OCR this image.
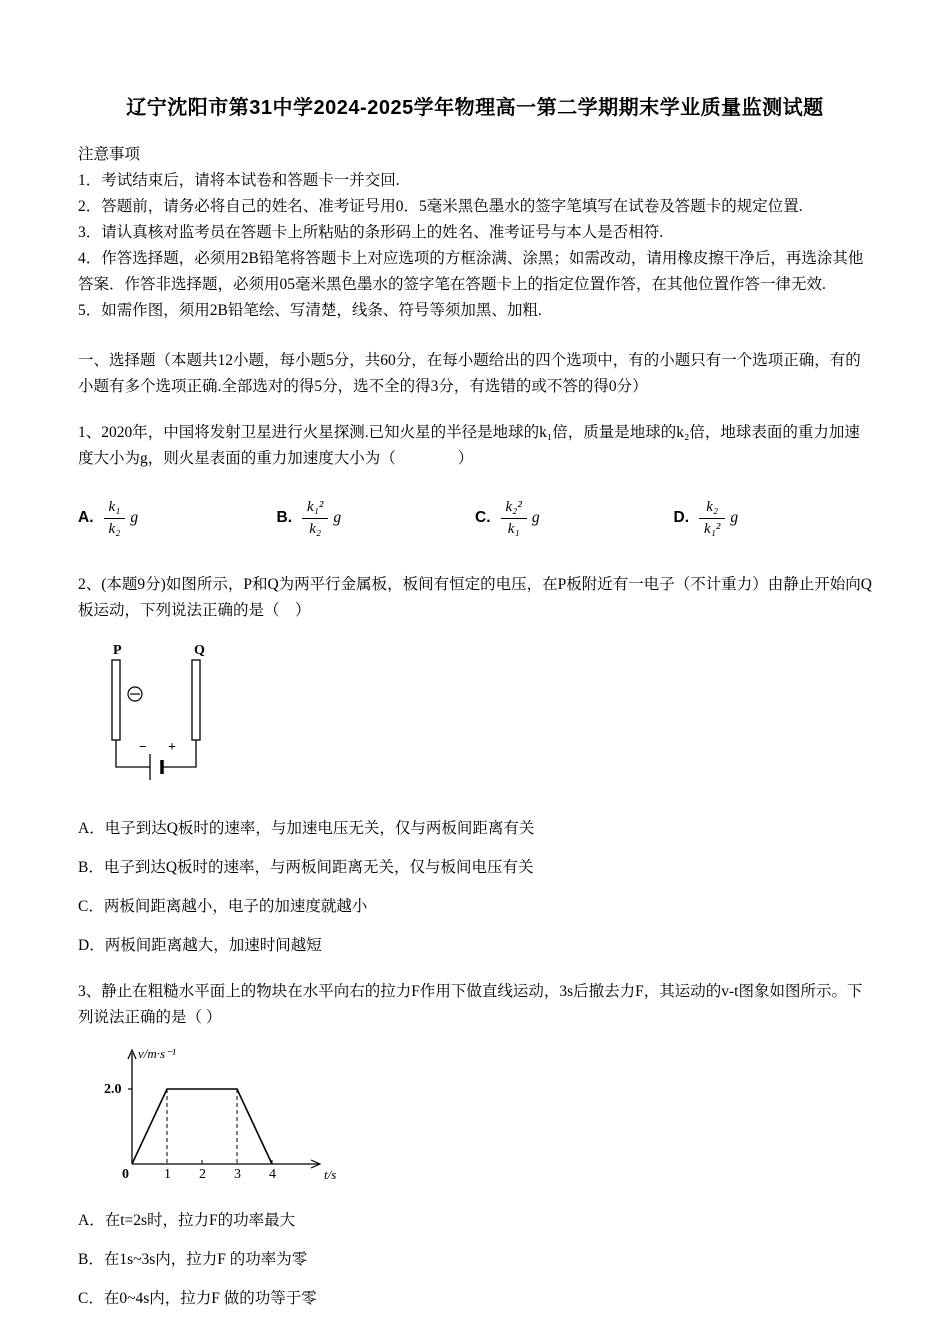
辽宁沈阳市第31中学2024-2025学年物理高一第二学期期末学业质量监测试题

注意事项

1．考试结束后，请将本试卷和答题卡一并交回.

2．答题前，请务必将自己的姓名、准考证号用0．5毫米黑色墨水的签字笔填写在试卷及答题卡的规定位置.

3．请认真核对监考员在答题卡上所粘贴的条形码上的姓名、准考证号与本人是否相符.

4．作答选择题，必须用2B铅笔将答题卡上对应选项的方框涂满、涂黑；如需改动，请用橡皮擦干净后，再选涂其他答案．作答非选择题，必须用05毫米黑色墨水的签字笔在答题卡上的指定位置作答，在其他位置作答一律无效.

5．如需作图，须用2B铅笔绘、写清楚，线条、符号等须加黑、加粗.

一、选择题（本题共12小题，每小题5分，共60分，在每小题给出的四个选项中，有的小题只有一个选项正确，有的小题有多个选项正确.全部选对的得5分，选不全的得3分，有选错的或不答的得0分）

1、2020年，中国将发射卫星进行火星探测.已知火星的半径是地球的k₁倍，质量是地球的k₂倍，地球表面的重力加速度大小为g，则火星表面的重力加速度大小为（　　　　）

A. $\frac{\text{k₁}}{\text{k₂}}$ g	B. $\frac{\text{k₁²}}{\text{k₂}}$ g	C. $\frac{\text{k₂²}}{\text{k₁}}$ g	D. $\frac{\text{k₂}}{\text{k₁²}}$ g

2、(本题9分)如图所示，P和Q为两平行金属板，板间有恒定的电压，在P板附近有一电子（不计重力）由静止开始向Q板运动，下列说法正确的是（　）

P	Q
− +
A．电子到达Q板时的速率，与加速电压无关，仅与两板间距离有关
B．电子到达Q板时的速率，与两板间距离无关，仅与板间电压有关
C．两板间距离越小，电子的加速度就越小
D．两板间距离越大，加速时间越短

3、静止在粗糙水平面上的物块在水平向右的拉力F作用下做直线运动，3s后撤去力F，其运动的v-t图象如图所示。下列说法正确的是（ ）

v/m·s⁻¹
t/s
2.0
0	1 2 3 4
A．在t=2s时，拉力F的功率最大
B．在1s~3s内，拉力F 的功率为零
C．在0~4s内，拉力F 做的功等于零
